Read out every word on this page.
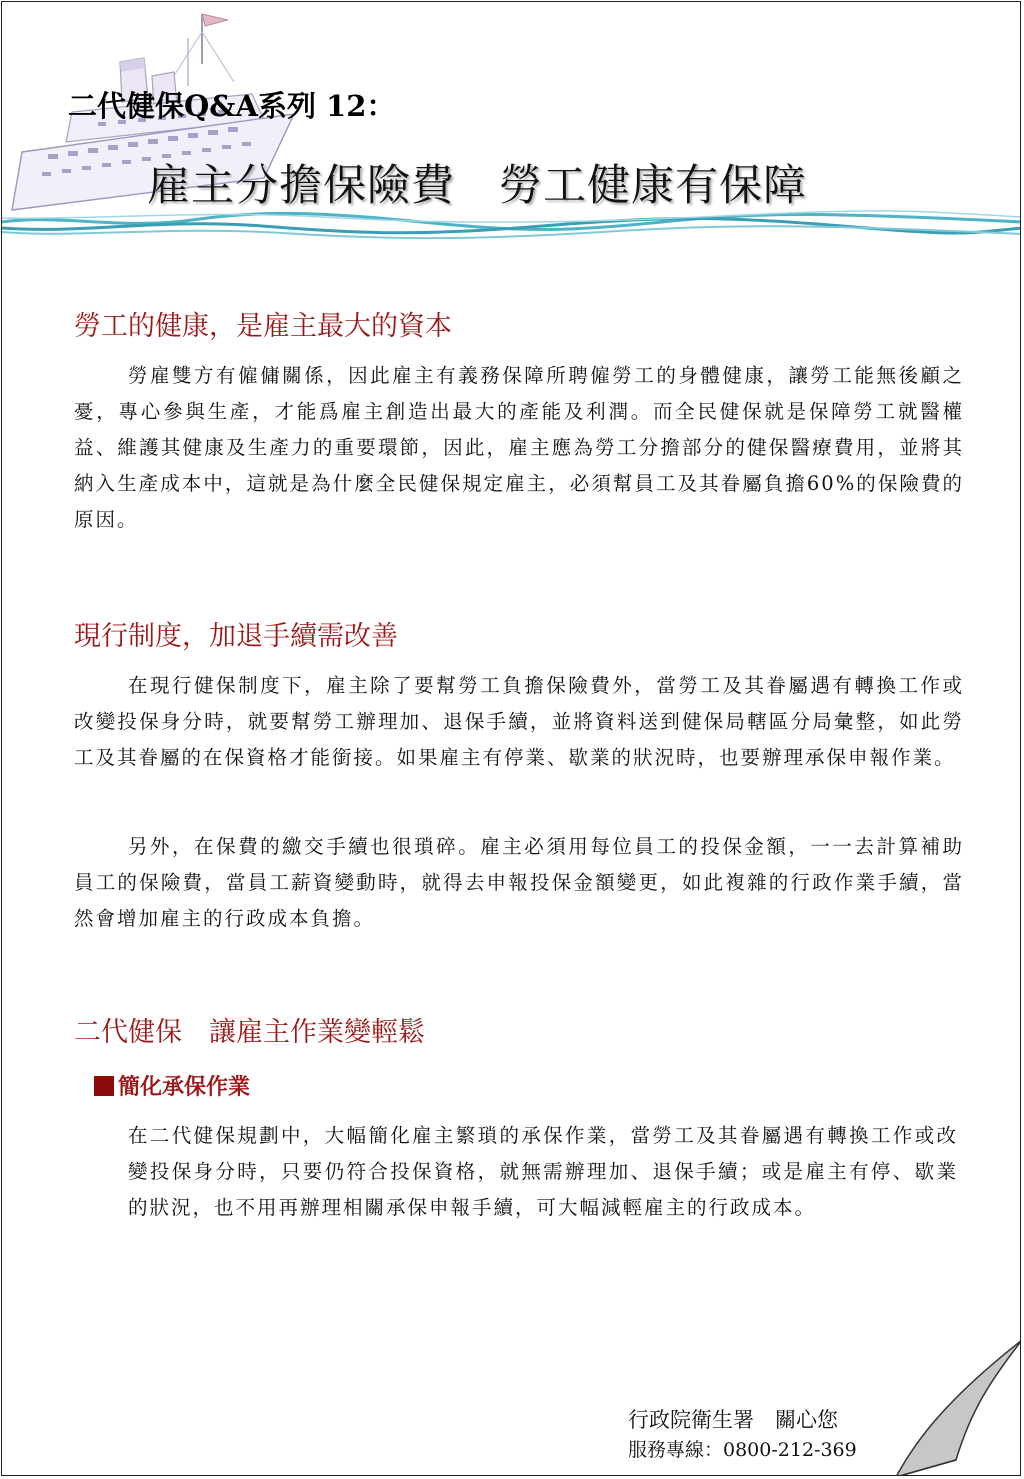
二代健保Q&A系列 12：
雇主分擔保險費　勞工健康有保障
勞工的健康，是雇主最大的資本

勞雇雙方有僱傭關係，因此雇主有義務保障所聘僱勞工的身體健康，讓勞工能無後顧之憂，專心參與生產，才能爲雇主創造出最大的產能及利潤。而全民健保就是保障勞工就醫權益、維護其健康及生產力的重要環節，因此，雇主應為勞工分擔部分的健保醫療費用，並將其納入生產成本中，這就是為什麼全民健保規定雇主，必須幫員工及其眷屬負擔60%的保險費的原因。

現行制度，加退手續需改善

在現行健保制度下，雇主除了要幫勞工負擔保險費外，當勞工及其眷屬遇有轉換工作或改變投保身分時，就要幫勞工辦理加、退保手續，並將資料送到健保局轄區分局彙整，如此勞工及其眷屬的在保資格才能銜接。如果雇主有停業、歇業的狀況時，也要辦理承保申報作業。

另外，在保費的繳交手續也很瑣碎。雇主必須用每位員工的投保金額，一一去計算補助員工的保險費，當員工薪資變動時，就得去申報投保金額變更，如此複雜的行政作業手續，當然會增加雇主的行政成本負擔。

二代健保　讓雇主作業變輕鬆
簡化承保作業

在二代健保規劃中，大幅簡化雇主繁瑣的承保作業，當勞工及其眷屬遇有轉換工作或改變投保身分時，只要仍符合投保資格，就無需辦理加、退保手續；或是雇主有停、歇業的狀況，也不用再辦理相關承保申報手續，可大幅減輕雇主的行政成本。

行政院衛生署　關心您
服務專線：0800-212-369
